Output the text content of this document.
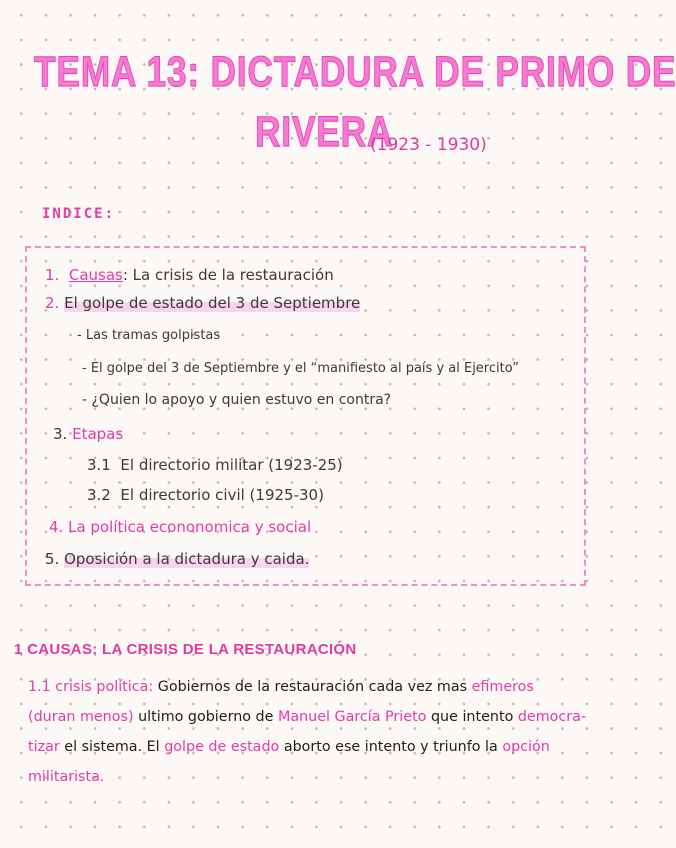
TEMA 13: DICTADURA DE PRIMO DE
RIVERA
(1923 - 1930)
INDICE:
1. Causas: La crisis de la restauración
2. El golpe de estado del 3 de Septiembre
- Las tramas golpistas
- El golpe del 3 de Septiembre y el “manifiesto al país y al Ejercito”
- ¿Quien lo apoyo y quien estuvo en contra?
3. Etapas
3.1 El directorio militar (1923-25)
3.2 El directorio civil (1925-30)
4. La política econonomica y social
5. Oposición a la dictadura y caida.
1 CAUSAS: LA CRISIS DE LA RESTAURACIÓN
1.1 crisis política: Gobiernos de la restauración cada vez mas efimeros
(duran menos) ultimo gobierno de Manuel García Prieto que intento democra-
tizar el sistema. El golpe de estado aborto ese intento y triunfo la opción
militarista.
